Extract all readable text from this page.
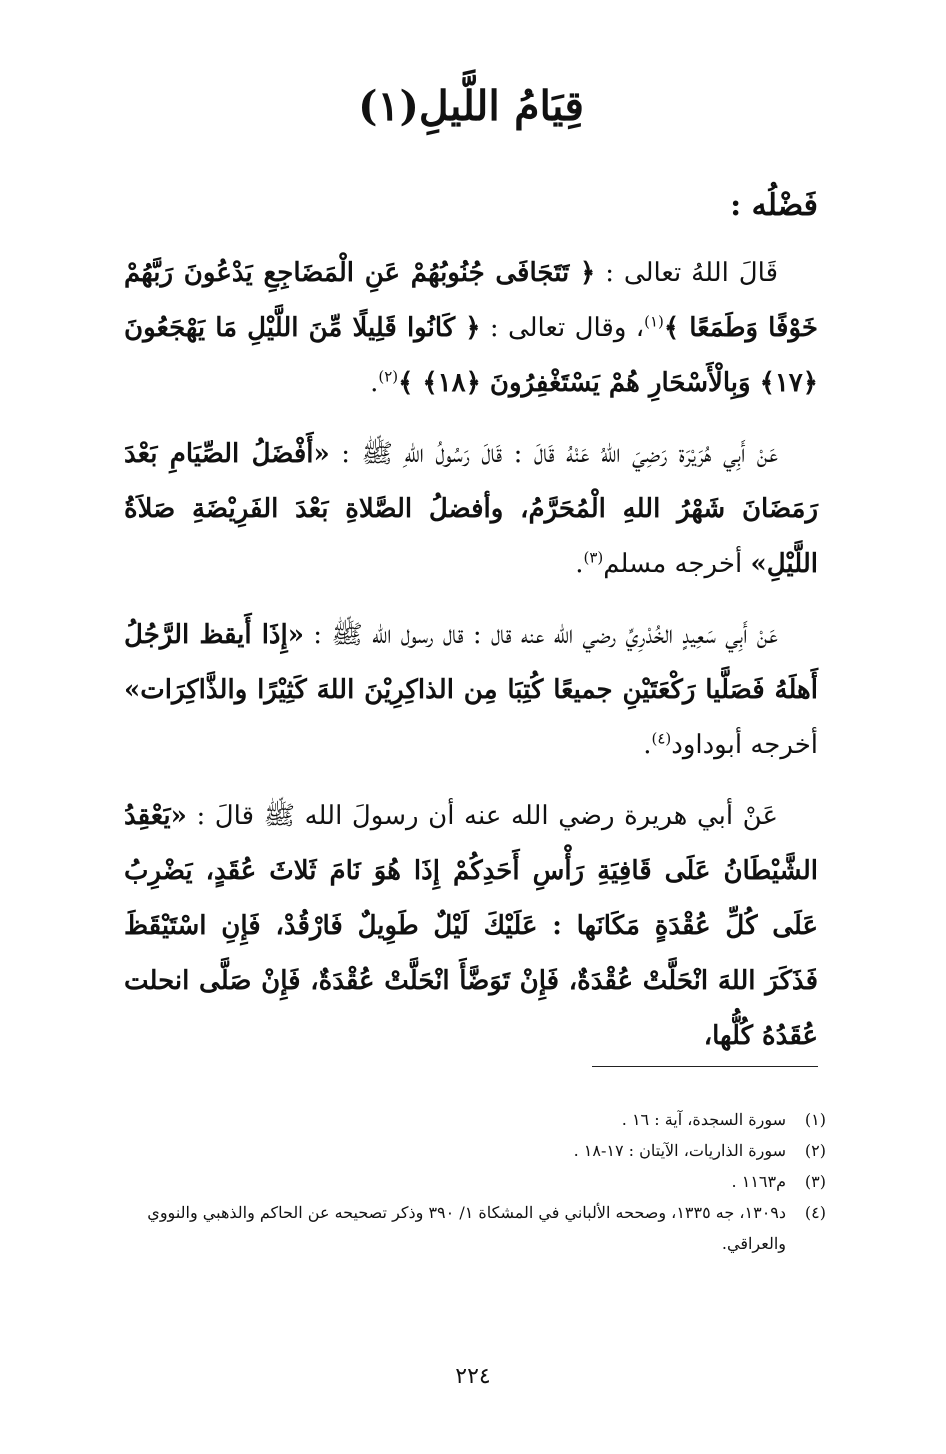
قِيَامُ اللَّيلِ(١)
فَضْلُه :

قَالَ اللهُ تعالى : ﴿ تَتَجَافَى جُنُوبُهُمْ عَنِ الْمَضَاجِعِ يَدْعُونَ رَبَّهُمْ خَوْفًا وَطَمَعًا ﴾$^{(١)}$، وقال تعالى : ﴿ كَانُوا قَلِيلًا مِّنَ اللَّيْلِ مَا يَهْجَعُونَ ﴿١٧﴾ وَبِالْأَسْحَارِ هُمْ يَسْتَغْفِرُونَ ﴿١٨﴾ ﴾$^{(٢)}$.

عَنْ أَبِي هُرَيْرَة رَضِيَ اللهُ عَنْهُ قَالَ : قَالَ رَسُولُ اللهِ ﷺ : «أَفْضَلُ الصِّيَامِ بَعْدَ رَمَضَانَ شَهْرُ اللهِ الْمُحَرَّمُ، وأفضلُ الصَّلاةِ بَعْدَ الفَرِيْضَةِ صَلاَةُ اللَّيْلِ» أخرجه مسلم$^{(٣)}$.

عَنْ أَبِي سَعِيدٍ الخُدْرِيِّ رضي الله عنه قال : قال رسول الله ﷺ : «إِذَا أَيقظ الرَّجُلُ أَهلَهُ فَصَلَّيا رَكْعَتَيْنِ جميعًا كُتِبَا مِن الذاكِرِيْنَ اللهَ كَثِيْرًا والذَّاكِرَات» أخرجه أبوداود$^{(٤)}$.

عَنْ أبي هريرة رضي الله عنه أن رسولَ الله ﷺ قالَ : «يَعْقِدُ الشَّيْطَانُ عَلَى قَافِيَةِ رَأْسِ أَحَدِكُمْ إِذَا هُوَ نَامَ ثَلاثَ عُقَدٍ، يَضْرِبُ عَلَى كُلِّ عُقْدَةٍ مَكَانَها : عَلَيْكَ لَيْلٌ طَوِيلٌ فَارْقُدْ، فَإِنِ اسْتَيْقَظَ فَذَكَرَ اللهَ انْحَلَّتْ عُقْدَةٌ، فَإِنْ تَوَضَّأَ انْحَلَّتْ عُقْدَةٌ، فَإِنْ صَلَّى انحلت عُقَدُهُ كُلُّها،

(١)
سورة السجدة، آية : ١٦ .
(٢)
سورة الذاريات، الآيتان : ١٧-١٨ .
(٣)
م١١٦٣ .
(٤)
د١٣٠٩، جه ١٣٣٥، وصححه الألباني في المشكاة ١/ ٣٩٠ وذكر تصحيحه عن الحاكم والذهبي والنووي والعراقي.
٢٢٤
